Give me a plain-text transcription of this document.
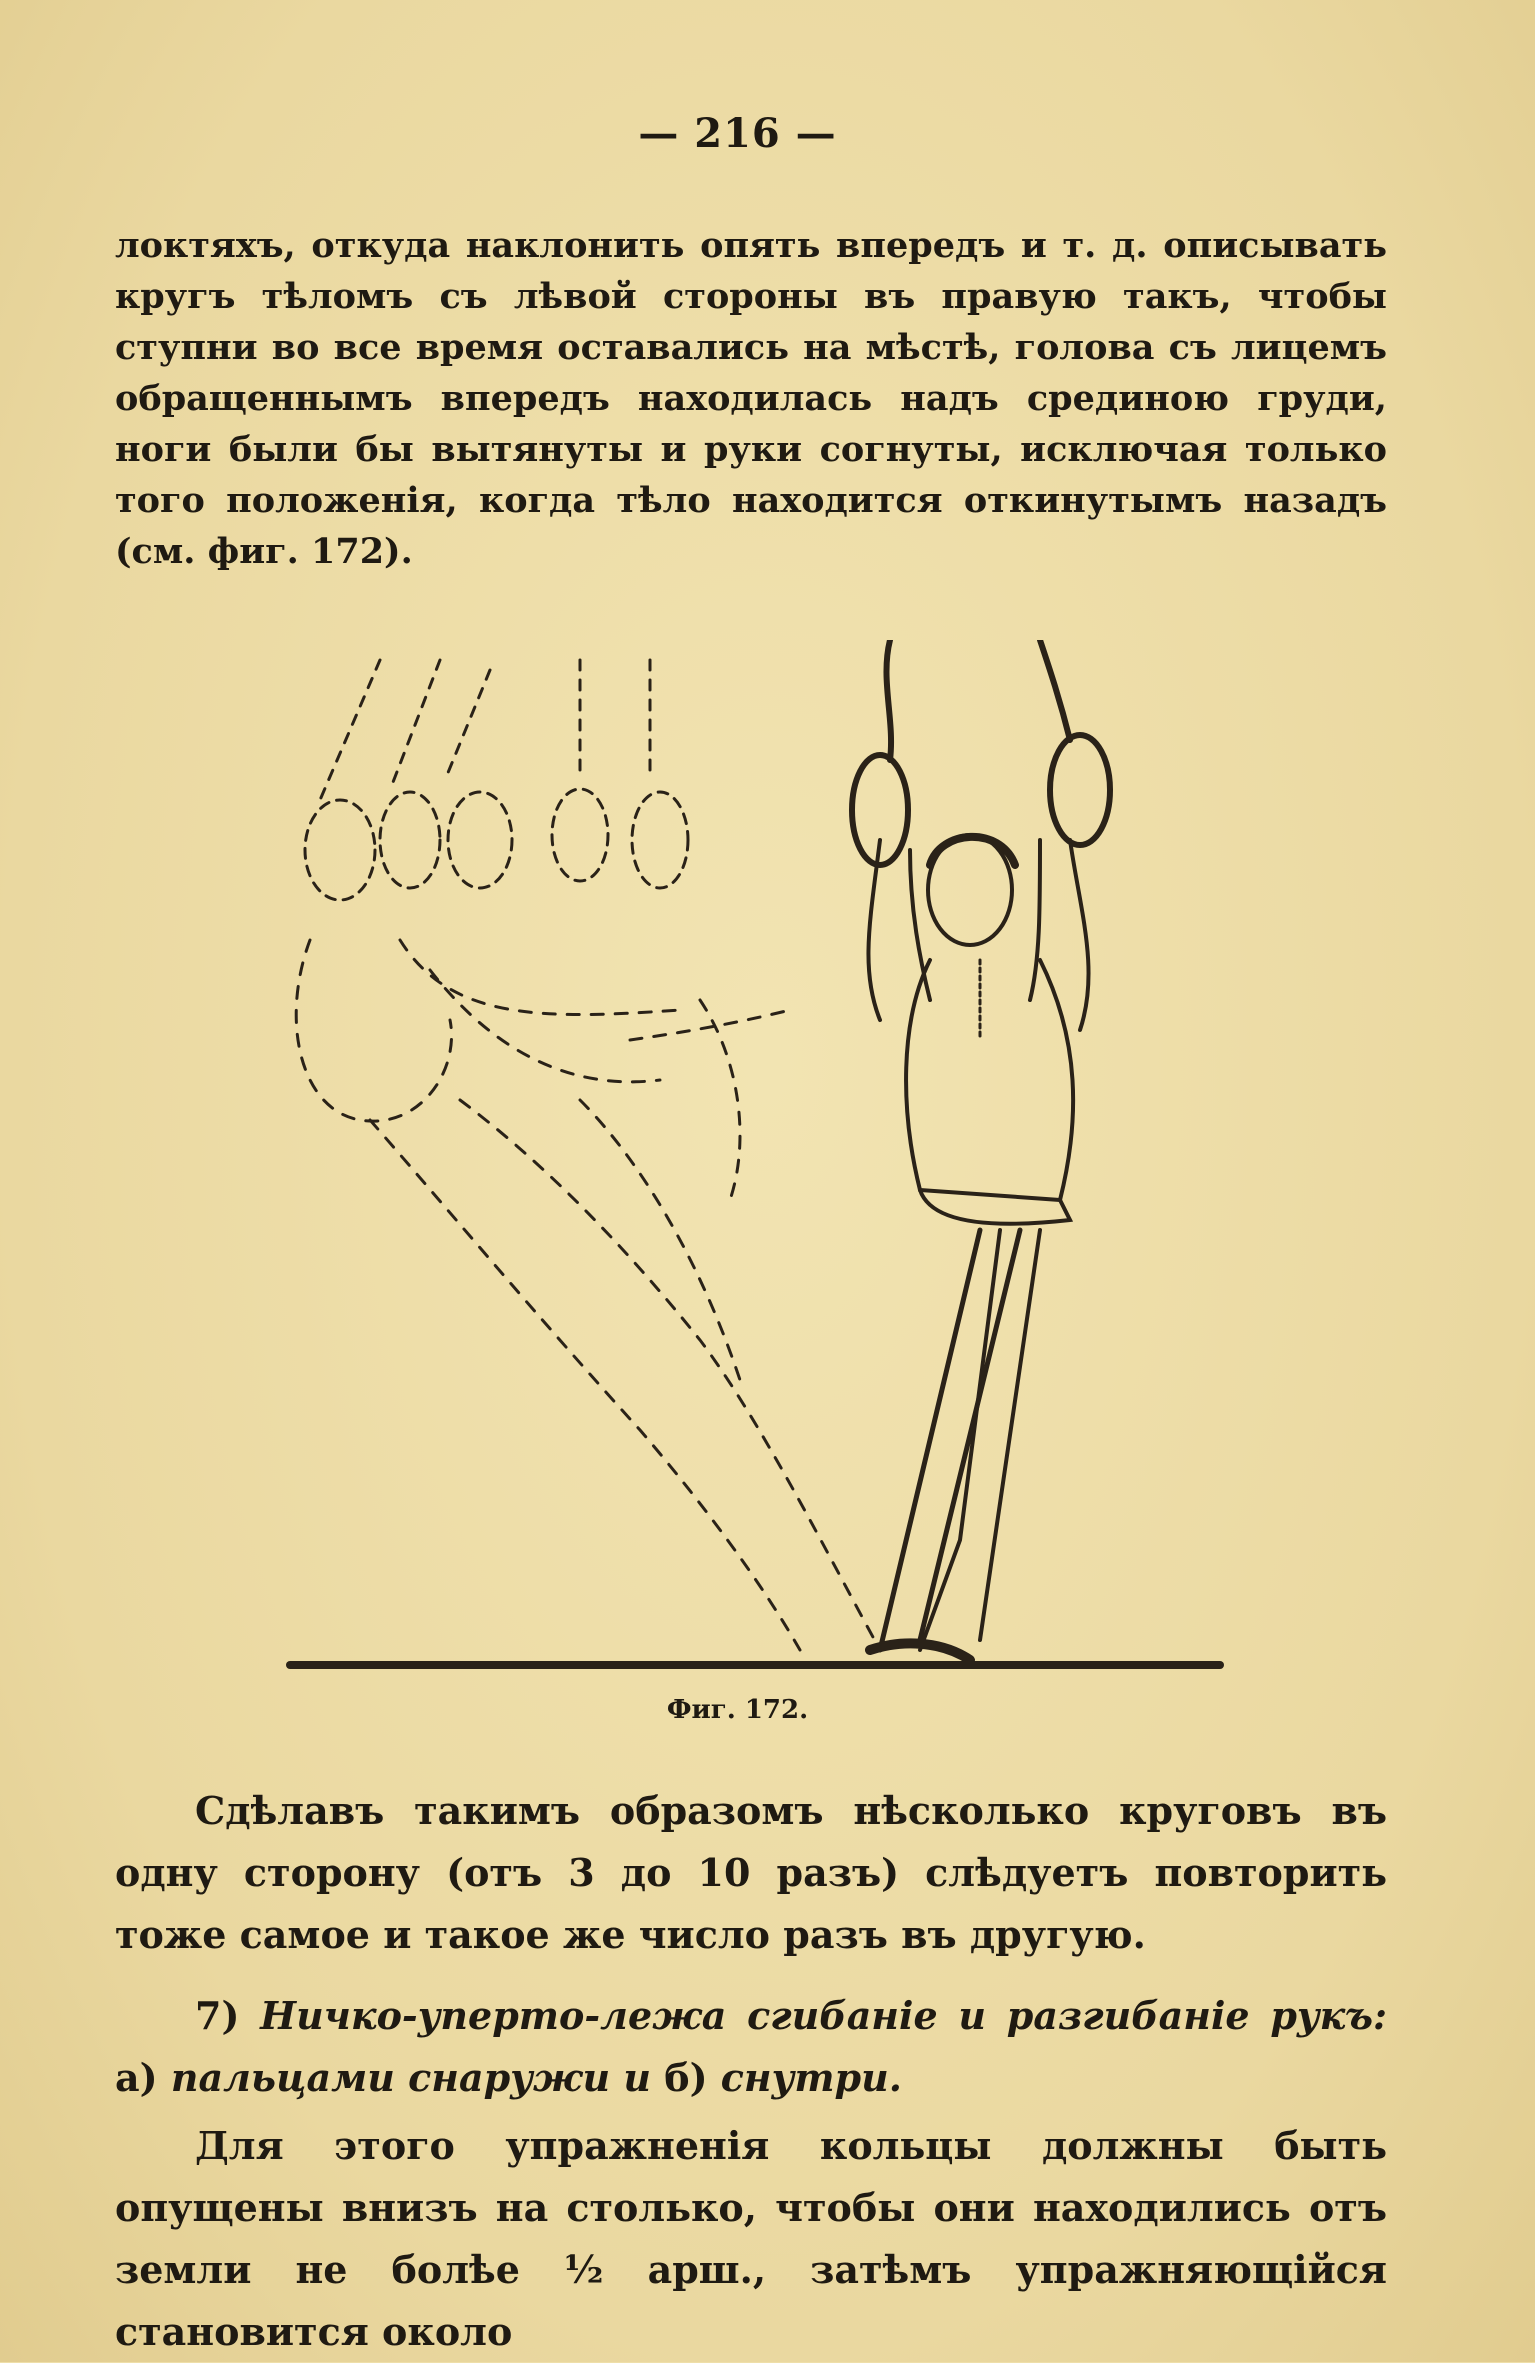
— 216 —

локтяхъ, откуда наклонить опять впередъ и т. д. описывать кругъ тѣломъ съ лѣвой стороны въ правую такъ, чтобы ступни во все время оставались на мѣстѣ, голова съ лицемъ обращеннымъ впередъ находилась надъ срединою груди, ноги были бы вытянуты и руки согнуты, исключая только того положенія, когда тѣло находится откинутымъ назадъ (см. фиг. 172).

Фиг. 172.

Сдѣлавъ такимъ образомъ нѣсколько круговъ въ одну сторону (отъ 3 до 10 разъ) слѣдуетъ повторить тоже самое и такое же число разъ въ другую.

7) Ничко-уперто-лежа сгибаніе и разгибаніе рукъ: а) пальцами снаружи и б) снутри.

Для этого упражненія кольцы должны быть опущены внизъ на столько, чтобы они находились отъ земли не болѣе ½ арш., затѣмъ упражняющійся становится около
